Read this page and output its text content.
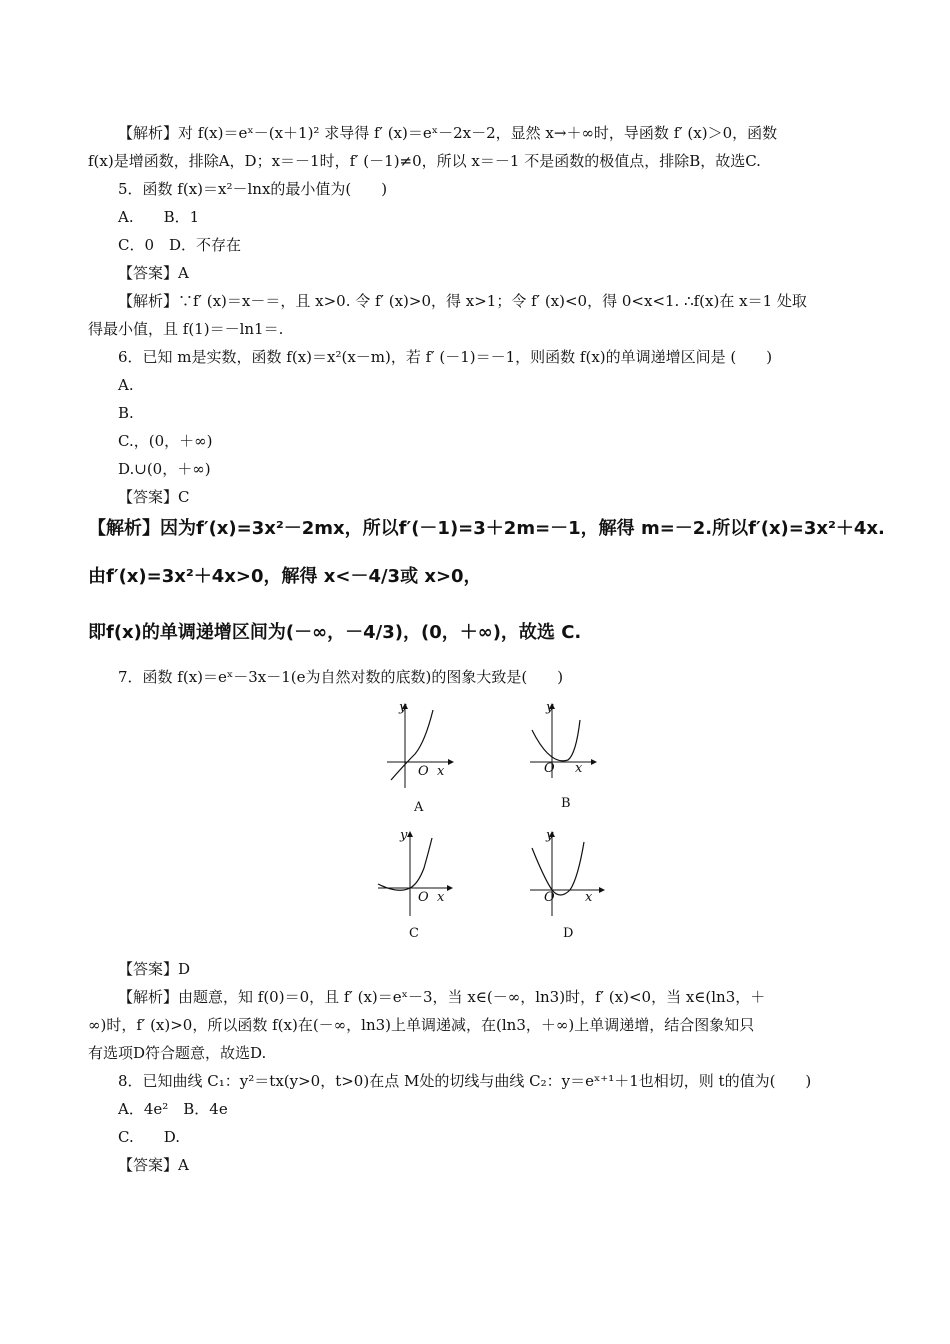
【解析】对 f(x)＝eˣ－(x＋1)² 求导得 f′ (x)＝eˣ－2x－2，显然 x→＋∞时，导函数 f′ (x)＞0，函数
f(x)是增函数，排除A，D；x＝－1时，f′ (－1)≠0，所以 x＝－1 不是函数的极值点，排除B，故选C.
5．函数 f(x)＝x²－lnx的最小值为(　　)
A.　　B．1
C．0　D．不存在
【答案】A
【解析】∵f′ (x)＝x－＝，且 x>0. 令 f′ (x)>0，得 x>1；令 f′ (x)<0，得 0<x<1. ∴f(x)在 x＝1 处取
得最小值，且 f(1)＝－ln1＝.
6．已知 m是实数，函数 f(x)＝x²(x－m)，若 f′ (－1)＝－1，则函数 f(x)的单调递增区间是 (　　)
A.
B.
C.，(0，＋∞)
D.∪(0，＋∞)
【答案】C
【解析】因为f′(x)=3x²－2mx，所以f′(－1)=3＋2m=－1，解得 m=－2.所以f′(x)=3x²＋4x.
由f′(x)=3x²＋4x>0，解得 x<－4/3或 x>0，
即f(x)的单调递增区间为(－∞，－4/3)，(0，＋∞)，故选 C.
7．函数 f(x)＝eˣ－3x－1(e为自然对数的底数)的图象大致是(　　)
y
O x
A
y
O x
B
y
O x
C
y
O x
D
【答案】D
【解析】由题意，知 f(0)＝0，且 f′ (x)＝eˣ－3，当 x∈(－∞，ln3)时，f′ (x)<0，当 x∈(ln3，＋
∞)时，f′ (x)>0，所以函数 f(x)在(－∞，ln3)上单调递减，在(ln3，＋∞)上单调递增，结合图象知只
有选项D符合题意，故选D.
8．已知曲线 C₁：y²＝tx(y>0，t>0)在点 M处的切线与曲线 C₂：y＝eˣ⁺¹＋1也相切，则 t的值为(　　)
A．4e²　B．4e
C.　　D.
【答案】A
